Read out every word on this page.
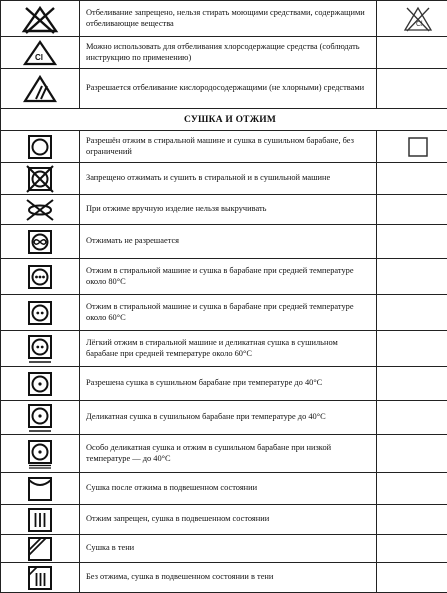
	Отбеливание запрещено, нельзя стирать моющими средствами, содержащими отбеливающие вещества	Cl

Cl	Можно использовать для отбеливания хлорсодержащие средства (соблюдать инструкцию по применению)	

	Разрешается отбеливание кислородосодержащими (не хлорными) средствами	
СУШКА И ОТЖИМ		

	Разрешён отжим в стиральной машине и сушка в сушильном барабане, без ограничений	

	Запрещено отжимать и сушить в стиральной и в сушильной машине	

	При отжиме вручную изделие нельзя выкручивать	

	Отжимать не разрешается	

	Отжим в стиральной машине и сушка в барабане при средней температуре около 80°С	

	Отжим в стиральной машине и сушка в барабане при средней температуре около 60°С	

	Лёгкий отжим в стиральной машине и деликатная сушка в сушильном барабане при средней температуре около 60°С	

	Разрешена сушка в сушильном барабане при температуре до 40°С	

	Деликатная сушка в сушильном барабане при температуре до 40°С	

	Особо деликатная сушка и отжим в сушильном барабане при низкой температуре — до 40°С	

	Сушка после отжима в подвешенном состоянии	

	Отжим запрещен, сушка в подвешенном состоянии	

	Сушка в тени	

	Без отжима, сушка в подвешенном состоянии в тени	
